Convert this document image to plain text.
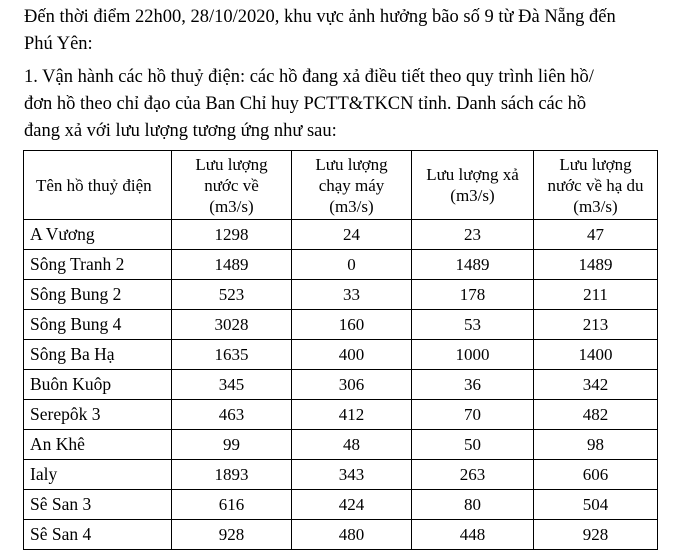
Đến thời điểm 22h00, 28/10/2020, khu vực ảnh hưởng bão số 9 từ Đà Nẵng đến
Phú Yên:

1. Vận hành các hồ thuỷ điện: các hồ đang xả điều tiết theo quy trình liên hồ/
đơn hồ theo chỉ đạo của Ban Chỉ huy PCTT&TKCN tỉnh. Danh sách các hồ
đang xả với lưu lượng tương ứng như sau:

Tên hồ thuỷ điện	Lưu lượng
nước về
(m3/s)	Lưu lượng
chạy máy
(m3/s)	Lưu lượng xả
(m3/s)	Lưu lượng
nước về hạ du
(m3/s)

A Vương	1298	24	23	47
Sông Tranh 2	1489	0	1489	1489
Sông Bung 2	523	33	178	211
Sông Bung 4	3028	160	53	213
Sông Ba Hạ	1635	400	1000	1400
Buôn Kuôp	345	306	36	342
Serepôk 3	463	412	70	482
An Khê	99	48	50	98
Ialy	1893	343	263	606
Sê San 3	616	424	80	504
Sê San 4	928	480	448	928
